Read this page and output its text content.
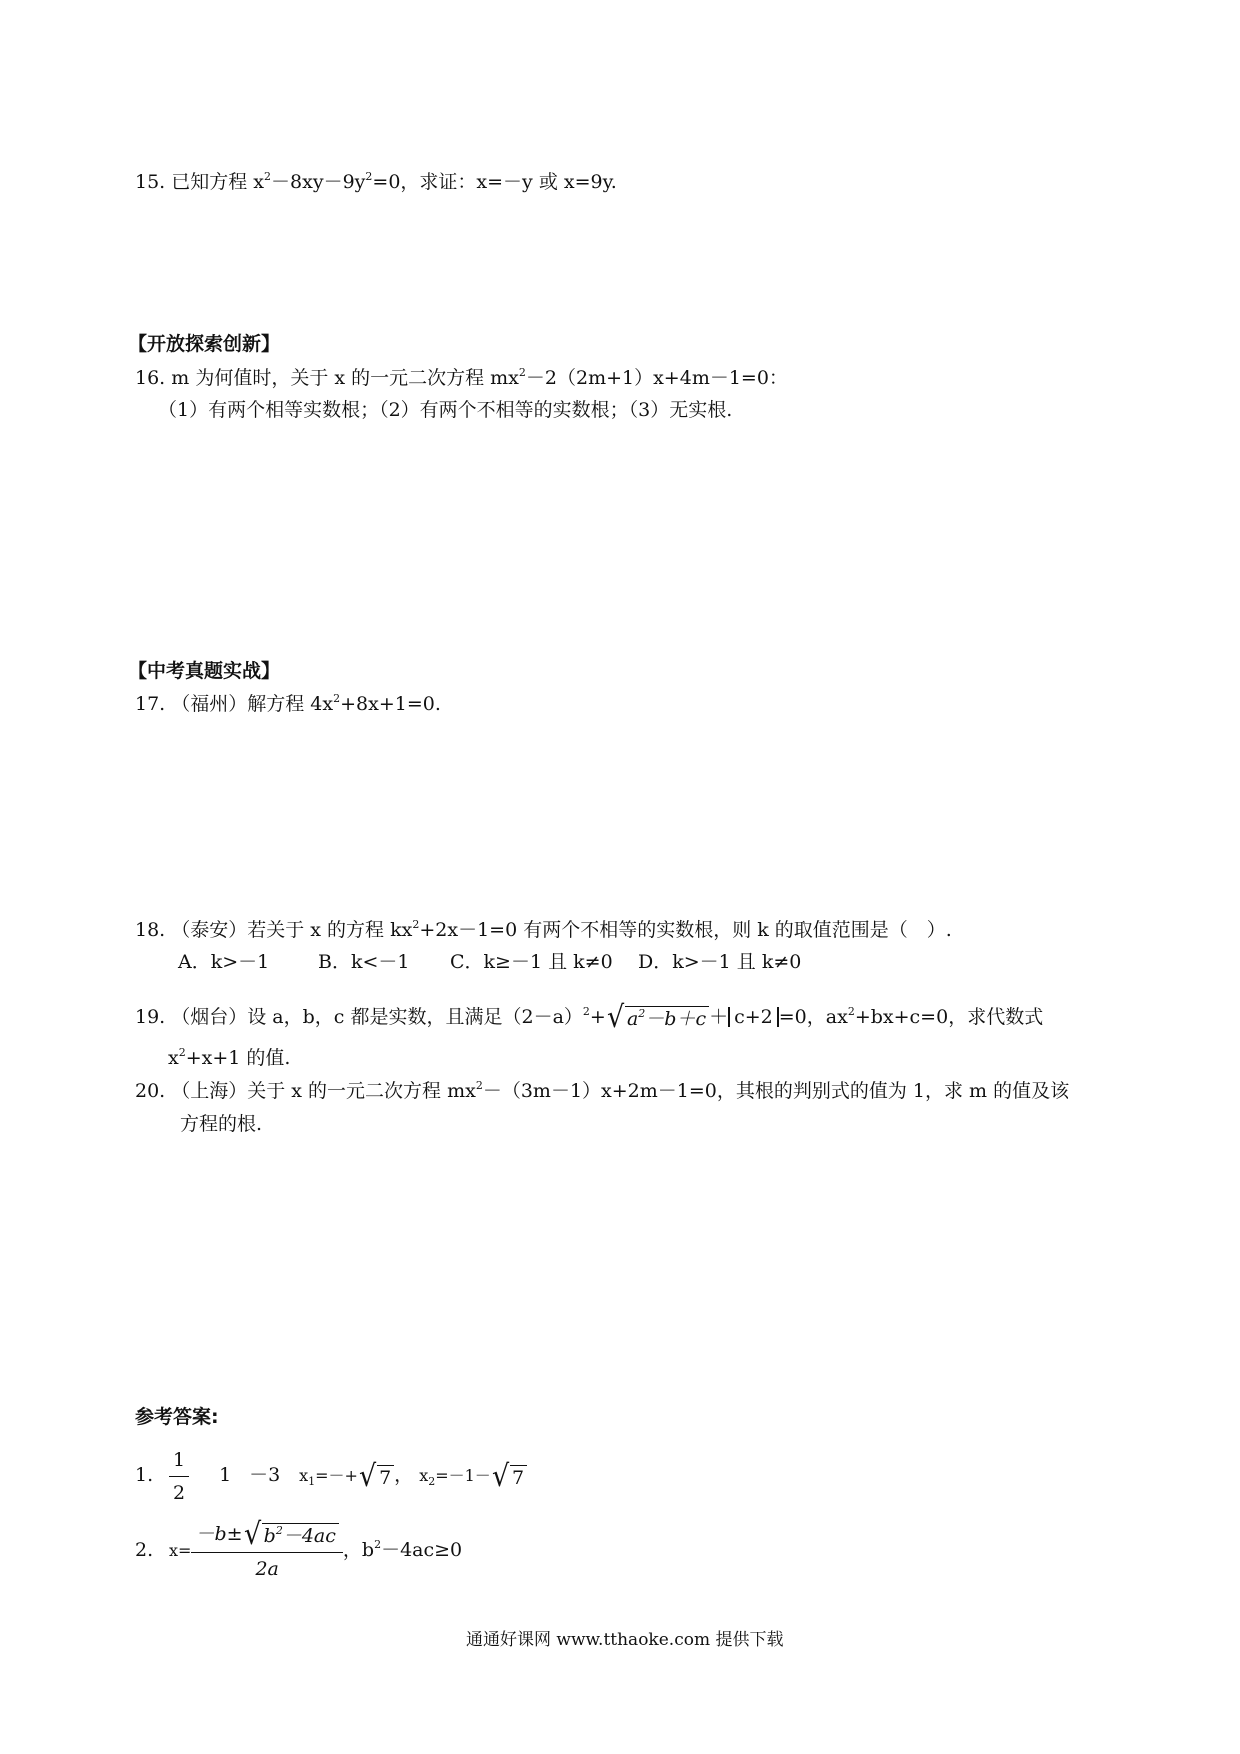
15. 已知方程 $x^2-8xy-9y^2=0$，求证：x=－y 或 x=9y.
【开放探索创新】
16. m 为何值时，关于 x 的一元二次方程 $mx^2-2(2m+1)x+4m-1=0$：
（1）有两个相等实数根；（2）有两个不相等的实数根；（3）无实根.
【中考真题实战】
17. （福州）解方程 $4x^2+8x+1=0$.
18. （泰安）若关于 x 的方程 $kx^2+2x-1=0$ 有两个不相等的实数根，则 k 的取值范围是（　）.
A．k>－1	B．k<－1 C．k≥－1 且 k≠0 D．k>－1 且 k≠0
19. （烟台）设 a，b，c 都是实数，且满足$(2-a)^2+√$ $a^2-b+c + c+2 =0$，$ax^2+bx+c=0$，求代数式
$x^2+x+1$ 的值.
20. （上海）关于 x 的一元二次方程 $mx^2-(3m-1)x+2m-1=0$，其根的判别式的值为 1，求 m 的值及该
方程的根.
参考答案:
1. $\frac{1}{2} 1 -3$ $x_1=-+√$ 7 ， $x_2=-1-√$ 7
2. $x= \frac{-b\pm√ b^2-4ac}{2a}$ ，$b^2-4ac\ge 0$
通通好课网 www.tthaoke.com 提供下载
